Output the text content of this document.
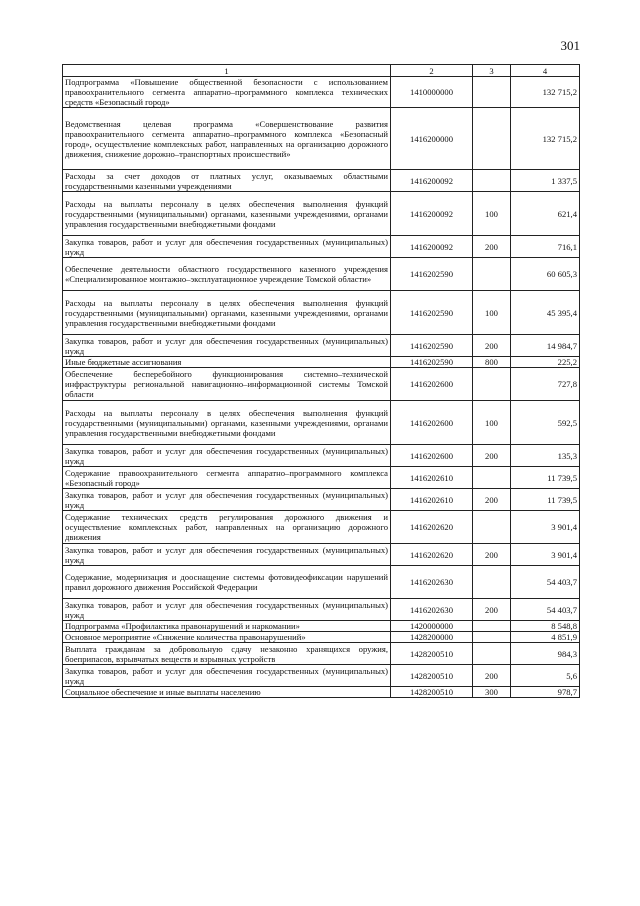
301
1	2	3	4
Подпрограмма «Повышение общественной безопасности с использованием правоохранительного сегмента аппаратно–программного комплекса технических средств «Безопасный город»	1410000000		132 715,2
Ведомственная целевая программа «Совершенствование развития правоохранительного сегмента аппаратно–программного комплекса «Безопасный город», осуществление комплексных работ, направленных на организацию дорожного движения, снижение дорожно–транспортных происшествий»	1416200000		132 715,2
Расходы за счет доходов от платных услуг, оказываемых областными государственными казенными учреждениями	1416200092		1 337,5
Расходы на выплаты персоналу в целях обеспечения выполнения функций государственными (муниципальными) органами, казенными учреждениями, органами управления государственными внебюджетными фондами	1416200092	100	621,4
Закупка товаров, работ и услуг для обеспечения государственных (муниципальных) нужд	1416200092	200	716,1
Обеспечение деятельности областного государственного казенного учреждения «Специализированное монтажно–эксплуатационное учреждение Томской области»	1416202590		60 605,3
Расходы на выплаты персоналу в целях обеспечения выполнения функций государственными (муниципальными) органами, казенными учреждениями, органами управления государственными внебюджетными фондами	1416202590	100	45 395,4
Закупка товаров, работ и услуг для обеспечения государственных (муниципальных) нужд	1416202590	200	14 984,7
Иные бюджетные ассигнования	1416202590	800	225,2
Обеспечение бесперебойного функционирования системно–технической инфраструктуры региональной навигационно–информационной системы Томской области	1416202600		727,8
Расходы на выплаты персоналу в целях обеспечения выполнения функций государственными (муниципальными) органами, казенными учреждениями, органами управления государственными внебюджетными фондами	1416202600	100	592,5
Закупка товаров, работ и услуг для обеспечения государственных (муниципальных) нужд	1416202600	200	135,3
Содержание правоохранительного сегмента аппаратно–программного комплекса «Безопасный город»	1416202610		11 739,5
Закупка товаров, работ и услуг для обеспечения государственных (муниципальных) нужд	1416202610	200	11 739,5
Содержание технических средств регулирования дорожного движения и осуществление комплексных работ, направленных на организацию дорожного движения	1416202620		3 901,4
Закупка товаров, работ и услуг для обеспечения государственных (муниципальных) нужд	1416202620	200	3 901,4
Содержание, модернизация и дооснащение системы фотовидеофиксации нарушений правил дорожного движения Российской Федерации	1416202630		54 403,7
Закупка товаров, работ и услуг для обеспечения государственных (муниципальных) нужд	1416202630	200	54 403,7
Подпрограмма «Профилактика правонарушений и наркомании»	1420000000		8 548,8
Основное мероприятие «Снижение количества правонарушений»	1428200000		4 851,9
Выплата гражданам за добровольную сдачу незаконно хранящихся оружия, боеприпасов, взрывчатых веществ и взрывных устройств	1428200510		984,3
Закупка товаров, работ и услуг для обеспечения государственных (муниципальных) нужд	1428200510	200	5,6
Социальное обеспечение и иные выплаты населению	1428200510	300	978,7
